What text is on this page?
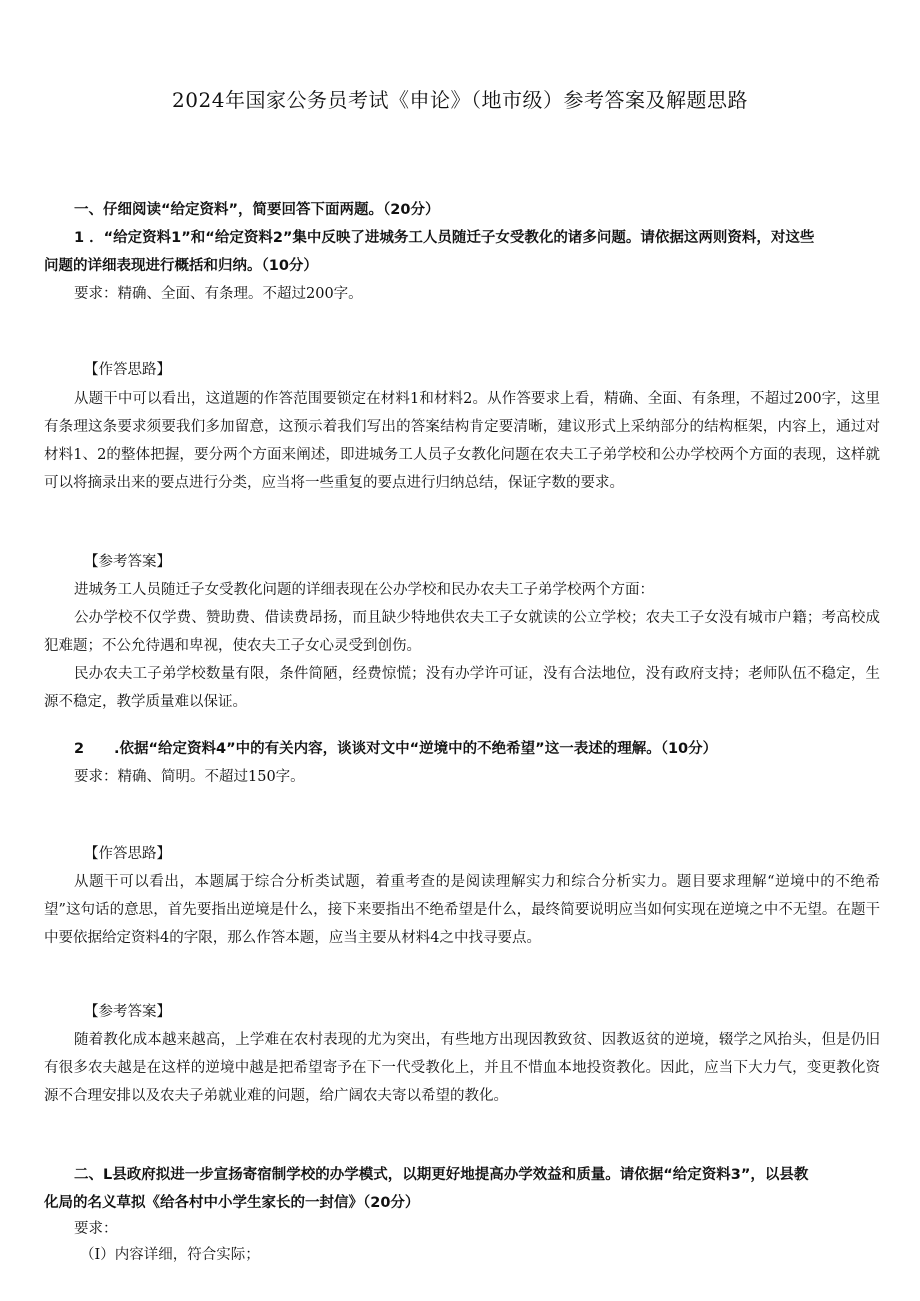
2024年国家公务员考试《申论》（地市级）参考答案及解题思路
一、仔细阅读“给定资料”，简要回答下面两题。（20分）
1 ．“给定资料1”和“给定资料2”集中反映了进城务工人员随迁子女受教化的诸多问题。请依据这两则资料，对这些
问题的详细表现进行概括和归纳。（10分）
要求：精确、全面、有条理。不超过200字。
【作答思路】
从题干中可以看出，这道题的作答范围要锁定在材料1和材料2。从作答要求上看，精确、全面、有条理，不超过200字，这里有条理这条要求须要我们多加留意，这预示着我们写出的答案结构肯定要清晰，建议形式上采纳部分的结构框架，内容上，通过对材料1、2的整体把握，要分两个方面来阐述，即进城务工人员子女教化问题在农夫工子弟学校和公办学校两个方面的表现，这样就可以将摘录出来的要点进行分类，应当将一些重复的要点进行归纳总结，保证字数的要求。
【参考答案】
进城务工人员随迁子女受教化问题的详细表现在公办学校和民办农夫工子弟学校两个方面：
公办学校不仅学费、赞助费、借读费昂扬，而且缺少特地供农夫工子女就读的公立学校；农夫工子女没有城市户籍；考高校成犯难题；不公允待遇和卑视，使农夫工子女心灵受到创伤。
民办农夫工子弟学校数量有限，条件简陋，经费惊慌；没有办学许可证，没有合法地位，没有政府支持；老师队伍不稳定，生源不稳定，教学质量难以保证。
2 .依据“给定资料4”中的有关内容，谈谈对文中“逆境中的不绝希望”这一表述的理解。（10分）
要求：精确、简明。不超过150字。
【作答思路】
从题干可以看出，本题属于综合分析类试题，着重考查的是阅读理解实力和综合分析实力。题目要求理解“逆境中的不绝希望”这句话的意思，首先要指出逆境是什么，接下来要指出不绝希望是什么，最终简要说明应当如何实现在逆境之中不无望。在题干中要依据给定资料4的字限，那么作答本题，应当主要从材料4之中找寻要点。
【参考答案】
随着教化成本越来越高，上学难在农村表现的尤为突出，有些地方出现因教致贫、因教返贫的逆境，辍学之风抬头，但是仍旧有很多农夫越是在这样的逆境中越是把希望寄予在下一代受教化上，并且不惜血本地投资教化。因此，应当下大力气，变更教化资源不合理安排以及农夫子弟就业难的问题，给广阔农夫寄以希望的教化。
二、L县政府拟进一步宣扬寄宿制学校的办学模式，以期更好地提高办学效益和质量。请依据“给定资料3”，以县教
化局的名义草拟《给各村中小学生家长的一封信》（20分）
要求：
（I）内容详细，符合实际；
